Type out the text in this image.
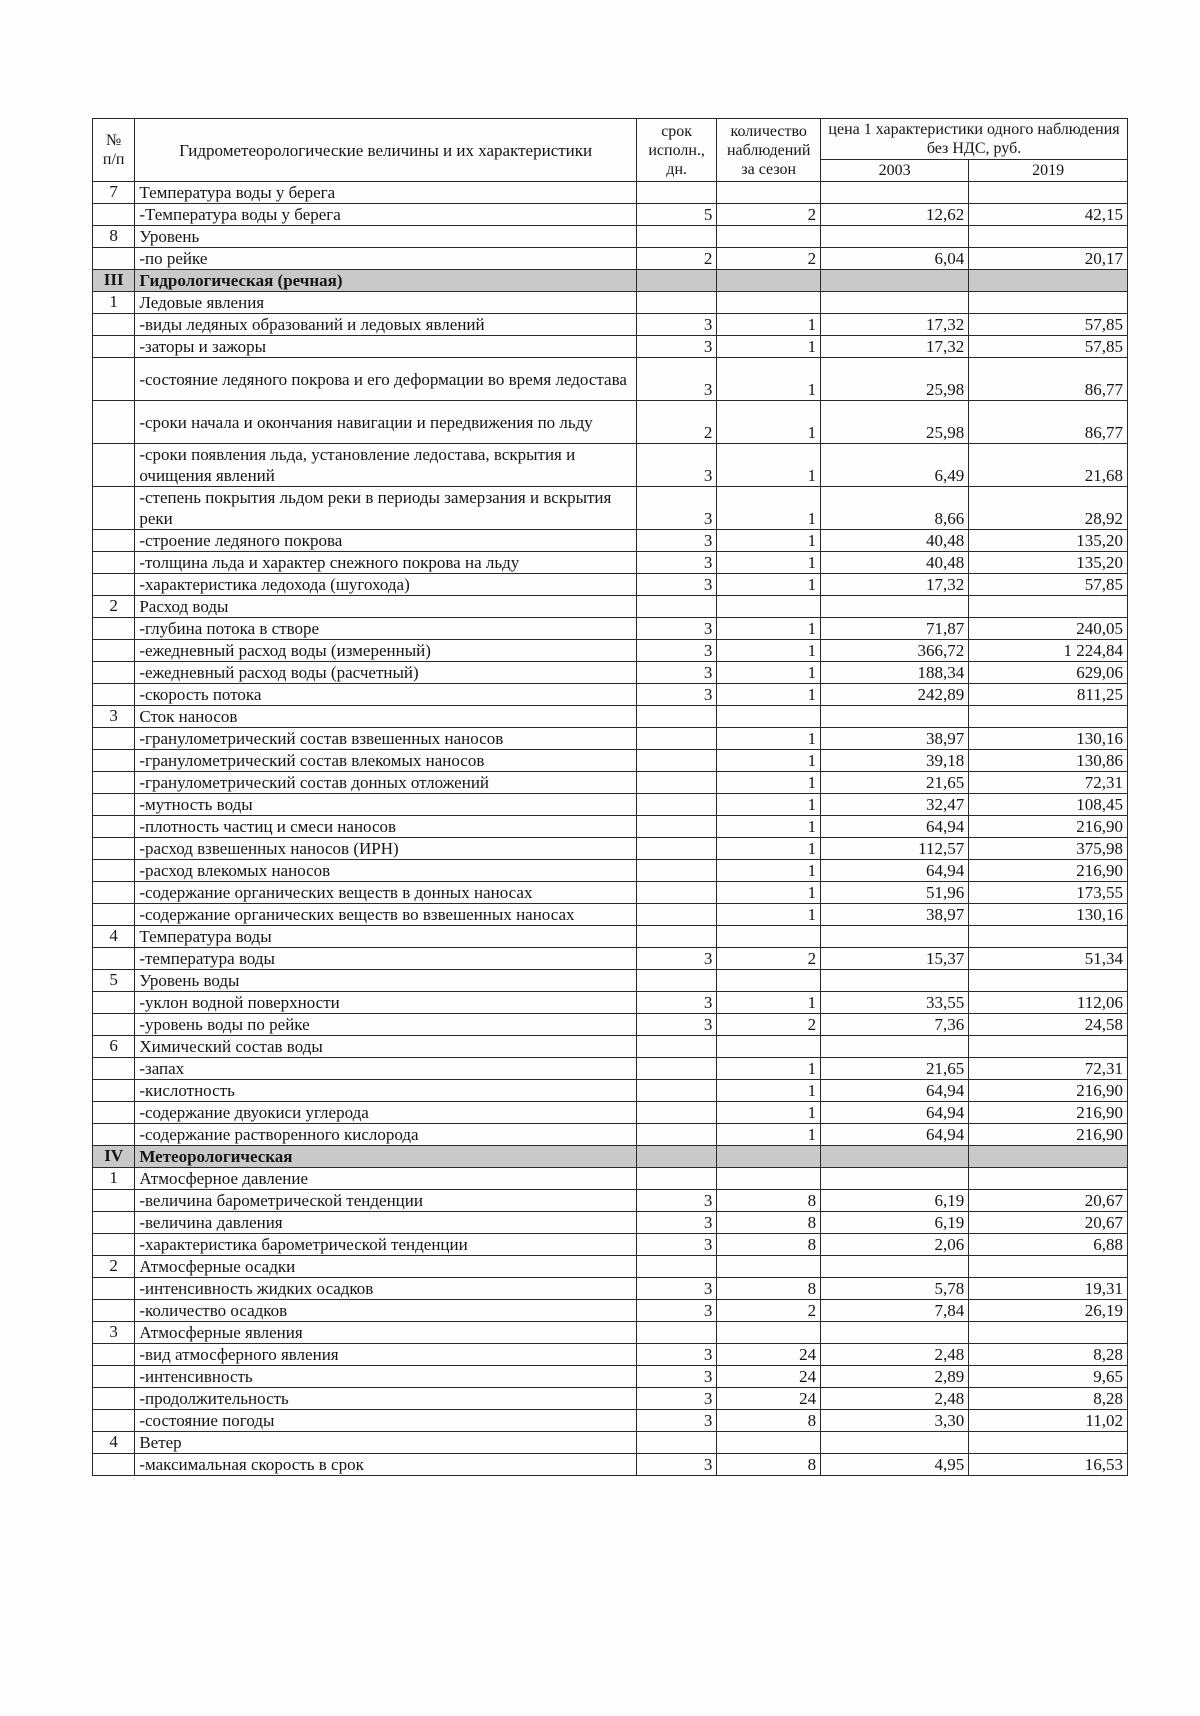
№
п/п	Гидрометеорологические величины и их характеристики	срок исполн., дн.	количество наблюдений за сезон	цена 1 характеристики одного наблюдения без НДС, руб.	
				2003	2019
7	Температура воды у берега				
	-Температура воды у берега	5	2	12,62	42,15
8	Уровень				
	-по рейке	2	2	6,04	20,17
III	Гидрологическая (речная)				
1	Ледовые явления				
	-виды ледяных образований и ледовых явлений	3	1	17,32	57,85
	-заторы и зажоры	3	1	17,32	57,85
	-состояние ледяного покрова и его деформации во время ледостава	3	1	25,98	86,77
	-сроки начала и окончания навигации и передвижения по льду	2	1	25,98	86,77
	-сроки появления льда, установление ледостава, вскрытия и очищения явлений	3	1	6,49	21,68
	-степень покрытия льдом реки в периоды замерзания и вскрытия реки	3	1	8,66	28,92
	-строение ледяного покрова	3	1	40,48	135,20
	-толщина льда и характер снежного покрова на льду	3	1	40,48	135,20
	-характеристика ледохода (шугохода)	3	1	17,32	57,85
2	Расход воды				
	-глубина потока в створе	3	1	71,87	240,05
	-ежедневный расход воды (измеренный)	3	1	366,72	1 224,84
	-ежедневный расход воды (расчетный)	3	1	188,34	629,06
	-скорость потока	3	1	242,89	811,25
3	Сток наносов				
	-гранулометрический состав взвешенных наносов		1	38,97	130,16
	-гранулометрический состав влекомых наносов		1	39,18	130,86
	-гранулометрический состав донных отложений		1	21,65	72,31
	-мутность воды		1	32,47	108,45
	-плотность частиц и смеси наносов		1	64,94	216,90
	-расход взвешенных наносов (ИРН)		1	112,57	375,98
	-расход влекомых наносов		1	64,94	216,90
	-содержание органических веществ в донных наносах		1	51,96	173,55
	-содержание органических веществ во взвешенных наносах		1	38,97	130,16
4	Температура воды				
	-температура воды	3	2	15,37	51,34
5	Уровень воды				
	-уклон водной поверхности	3	1	33,55	112,06
	-уровень воды по рейке	3	2	7,36	24,58
6	Химический состав воды				
	-запах		1	21,65	72,31
	-кислотность		1	64,94	216,90
	-содержание двуокиси углерода		1	64,94	216,90
	-содержание растворенного кислорода		1	64,94	216,90
IV	Метеорологическая				
1	Атмосферное давление				
	-величина барометрической тенденции	3	8	6,19	20,67
	-величина давления	3	8	6,19	20,67
	-характеристика барометрической тенденции	3	8	2,06	6,88
2	Атмосферные осадки				
	-интенсивность жидких осадков	3	8	5,78	19,31
	-количество осадков	3	2	7,84	26,19
3	Атмосферные явления				
	-вид атмосферного явления	3	24	2,48	8,28
	-интенсивность	3	24	2,89	9,65
	-продолжительность	3	24	2,48	8,28
	-состояние погоды	3	8	3,30	11,02
4	Ветер				
	-максимальная скорость в срок	3	8	4,95	16,53
